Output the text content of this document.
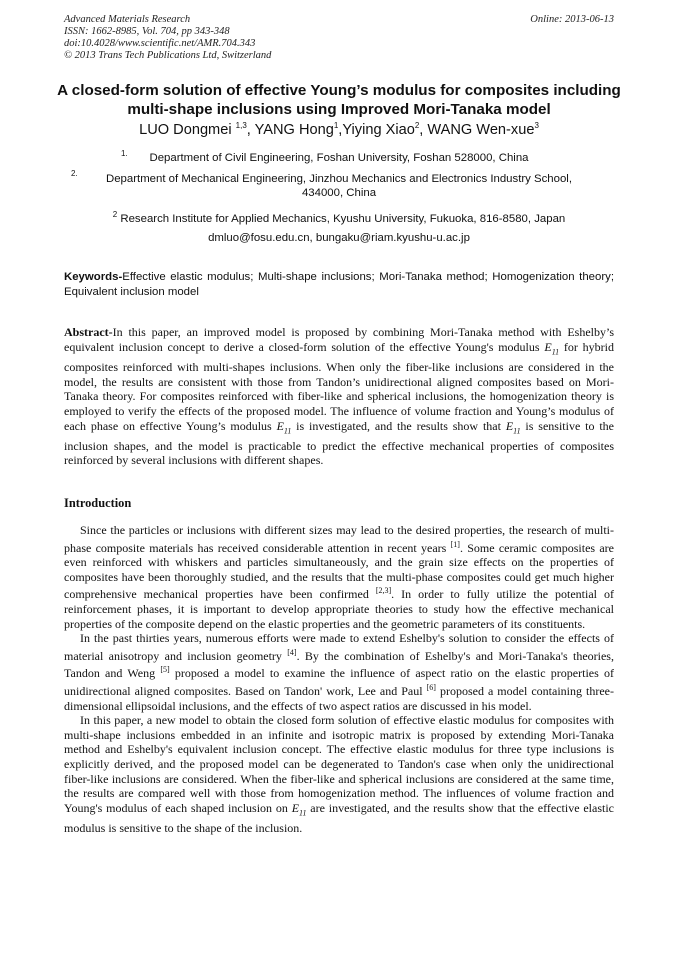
Advanced Materials Research
ISSN: 1662-8985, Vol. 704, pp 343-348
doi:10.4028/www.scientific.net/AMR.704.343
© 2013 Trans Tech Publications Ltd, Switzerland
Online: 2013-06-13
A closed-form solution of effective Young’s modulus for composites including multi-shape inclusions using Improved Mori-Tanaka model
LUO Dongmei $^{1,3}$, YANG Hong$^1$,Yiying Xiao$^2$, WANG Wen-xue$^3$
1.	Department of Civil Engineering, Foshan University, Foshan 528000, China
2.	Department of Mechanical Engineering, Jinzhou Mechanics and Electronics Industry School, 434000, China
$^2$ Research Institute for Applied Mechanics, Kyushu University, Fukuoka, 816-8580, Japan
dmluo@fosu.edu.cn, bungaku@riam.kyushu-u.ac.jp
Keywords-Effective elastic modulus; Multi-shape inclusions; Mori-Tanaka method; Homogenization theory; Equivalent inclusion model
Abstract-In this paper, an improved model is proposed by combining Mori-Tanaka method with Eshelby’s equivalent inclusion concept to derive a closed-form solution of the effective Young's modulus $E_{11}$ for hybrid composites reinforced with multi-shapes inclusions. When only the fiber-like inclusions are considered in the model, the results are consistent with those from Tandon’s unidirectional aligned composites based on Mori-Tanaka theory. For composites reinforced with fiber-like and spherical inclusions, the homogenization theory is employed to verify the effects of the proposed model. The influence of volume fraction and Young’s modulus of each phase on effective Young’s modulus $E_{11}$ is investigated, and the results show that $E_{11}$ is sensitive to the inclusion shapes, and the model is practicable to predict the effective mechanical properties of composites reinforced by several inclusions with different shapes.
Introduction

Since the particles or inclusions with different sizes may lead to the desired properties, the research of multi-phase composite materials has received considerable attention in recent years [1]. Some ceramic composites are even reinforced with whiskers and particles simultaneously, and the grain size effects on the properties of composites have been thoroughly studied, and the results that the multi-phase composites could get much higher comprehensive mechanical properties have been confirmed [2,3]. In order to fully utilize the potential of reinforcement phases, it is important to develop appropriate theories to study how the effective mechanical properties of the composite depend on the elastic properties and the geometric parameters of its constituents.

In the past thirties years, numerous efforts were made to extend Eshelby's solution to consider the effects of material anisotropy and inclusion geometry [4]. By the combination of Eshelby's and Mori-Tanaka's theories, Tandon and Weng [5] proposed a model to examine the influence of aspect ratio on the elastic properties of unidirectional aligned composites. Based on Tandon' work, Lee and Paul [6] proposed a model containing three-dimensional ellipsoidal inclusions, and the effects of two aspect ratios are discussed in his model.

In this paper, a new model to obtain the closed form solution of effective elastic modulus for composites with multi-shape inclusions embedded in an infinite and isotropic matrix is proposed by extending Mori-Tanaka method and Eshelby's equivalent inclusion concept. The effective elastic modulus for three type inclusions is explicitly derived, and the proposed model can be degenerated to Tandon's case when only the unidirectional fiber-like inclusions are considered. When the fiber-like and spherical inclusions are considered at the same time, the results are compared well with those from homogenization method. The influences of volume fraction and Young's modulus of each shaped inclusion on $E_{11}$ are investigated, and the results show that the effective elastic modulus is sensitive to the shape of the inclusion.
